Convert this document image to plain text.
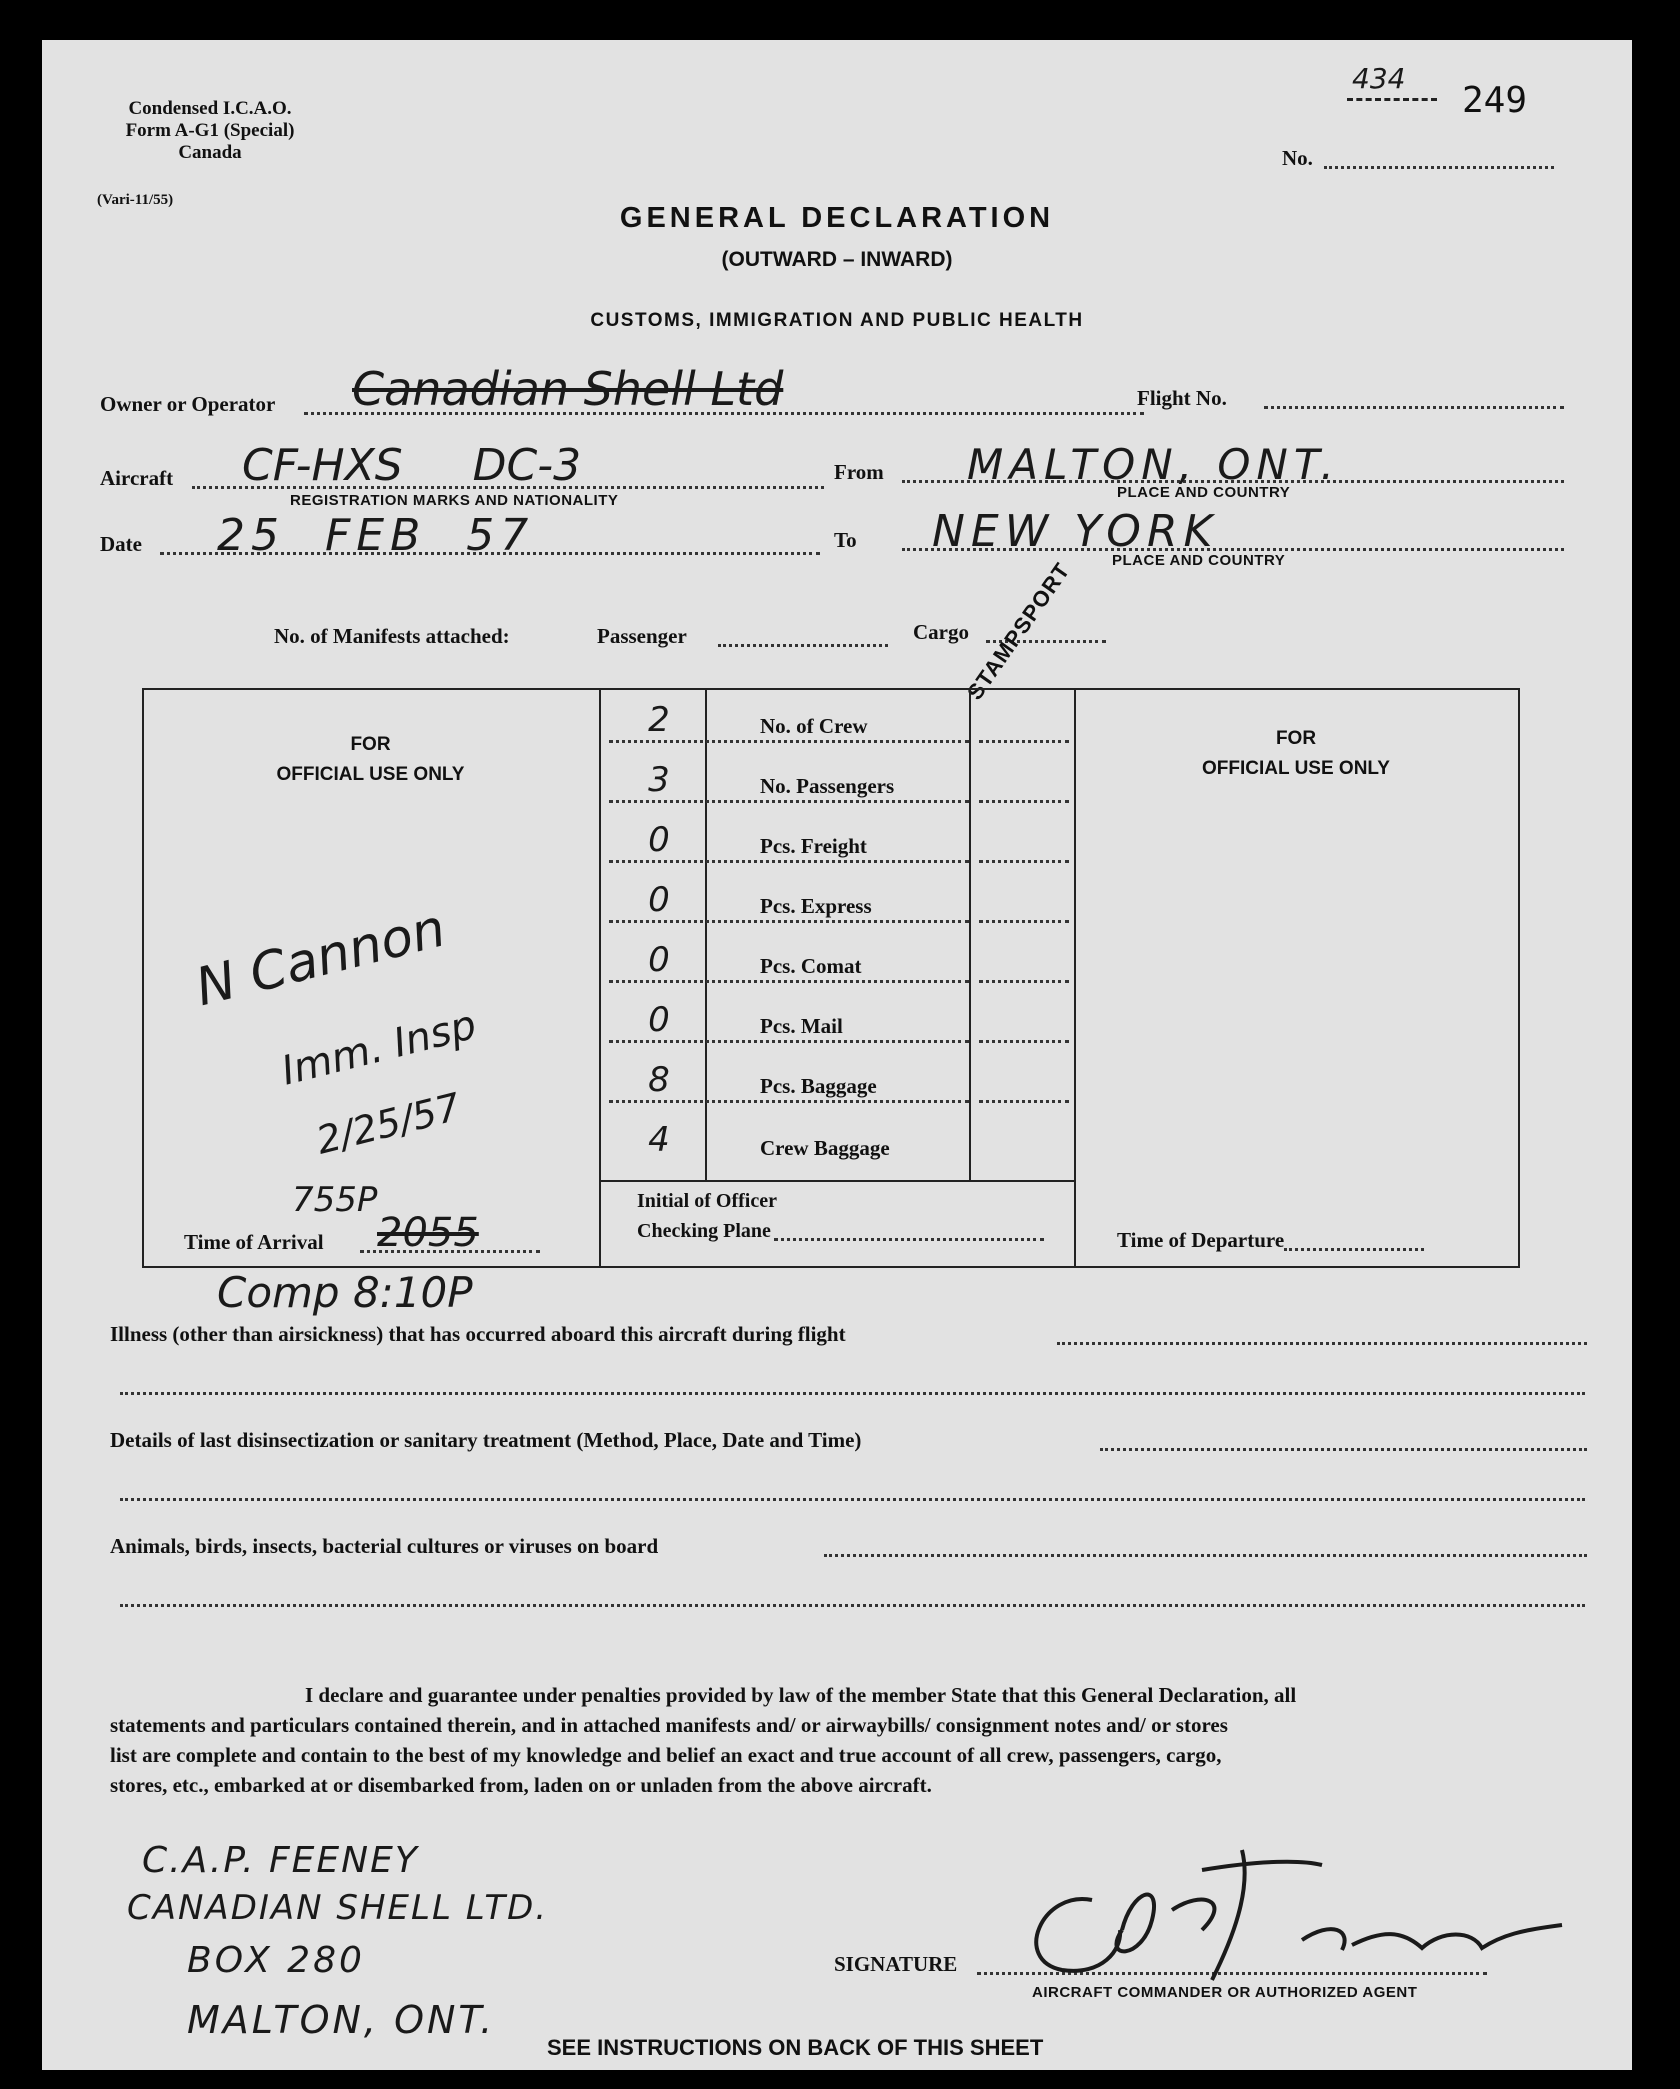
Condensed I.C.A.O.
Form A-G1 (Special)
Canada
(Vari-11/55)
434
249
No.
GENERAL DECLARATION
(OUTWARD – INWARD)
CUSTOMS, IMMIGRATION AND PUBLIC HEALTH
Owner or Operator Canadian Shell Ltd	Flight No.
Aircraft CF-HXS     DC-3
REGISTRATION MARKS AND NATIONALITY
From MALTON, ONT.
PLACE AND COUNTRY
Date 25  FEB  57	To NEW YORK
PLACE AND COUNTRY
No. of Manifests attached:	Passenger	Cargo
STAMPSPORT
FOR
OFFICIAL USE ONLY
FOR
OFFICIAL USE ONLY
2	No. of Crew
3	No. Passengers
0	Pcs. Freight
0	Pcs. Express
0	Pcs. Comat
0	Pcs. Mail
8	Pcs. Baggage
4	Crew Baggage
Initial of Officer
Checking Plane
N Cannon
Imm. Insp
2/25/57
755P
Time of Arrival 2055	Time of Departure
Comp 8:10P
Illness (other than airsickness) that has occurred aboard this aircraft during flight
Details of last disinsectization or sanitary treatment (Method, Place, Date and Time)
Animals, birds, insects, bacterial cultures or viruses on board
I declare and guarantee under penalties provided by law of the member State that this General Declaration, all
statements and particulars contained therein, and in attached manifests and/ or airwaybills/ consignment notes and/ or stores
list are complete and contain to the best of my knowledge and belief an exact and true account of all crew, passengers, cargo,
stores, etc., embarked at or disembarked from, laden on or unladen from the above aircraft.
C.A.P. FEENEY
CANADIAN SHELL LTD.
BOX 280
MALTON, ONT.
SIGNATURE
AIRCRAFT COMMANDER OR AUTHORIZED AGENT
SEE INSTRUCTIONS ON BACK OF THIS SHEET
